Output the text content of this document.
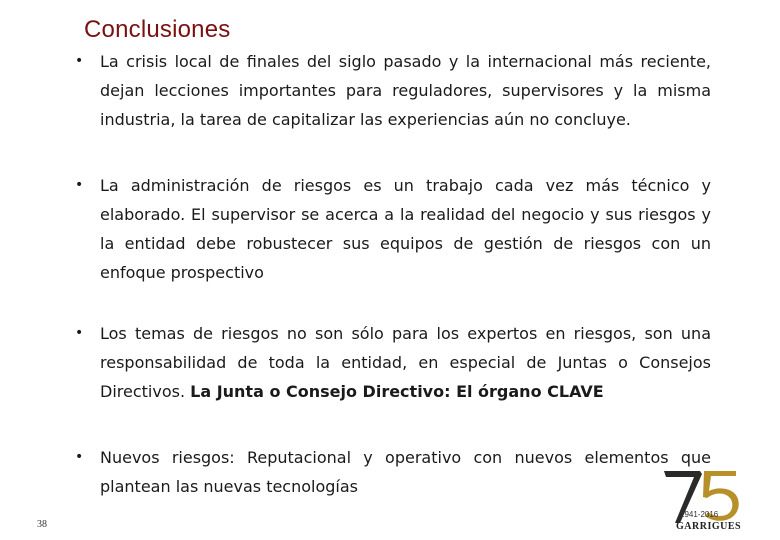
Conclusiones
• La crisis local de finales del siglo pasado y la internacional más reciente, dejan lecciones importantes para reguladores, supervisores y la misma industria, la tarea de capitalizar las experiencias aún no concluye.
• La administración de riesgos es un trabajo cada vez más técnico y elaborado. El supervisor se acerca a la realidad del negocio y sus riesgos y la entidad debe robustecer sus equipos de gestión de riesgos con un enfoque prospectivo
• Los temas de riesgos no son sólo para los expertos en riesgos, son una responsabilidad de toda la entidad, en especial de Juntas o Consejos Directivos. La Junta o Consejo Directivo: El órgano CLAVE
• Nuevos riesgos: Reputacional y operativo con nuevos elementos que plantean las nuevas tecnologías
38
1941-2016
GARRIGUES
